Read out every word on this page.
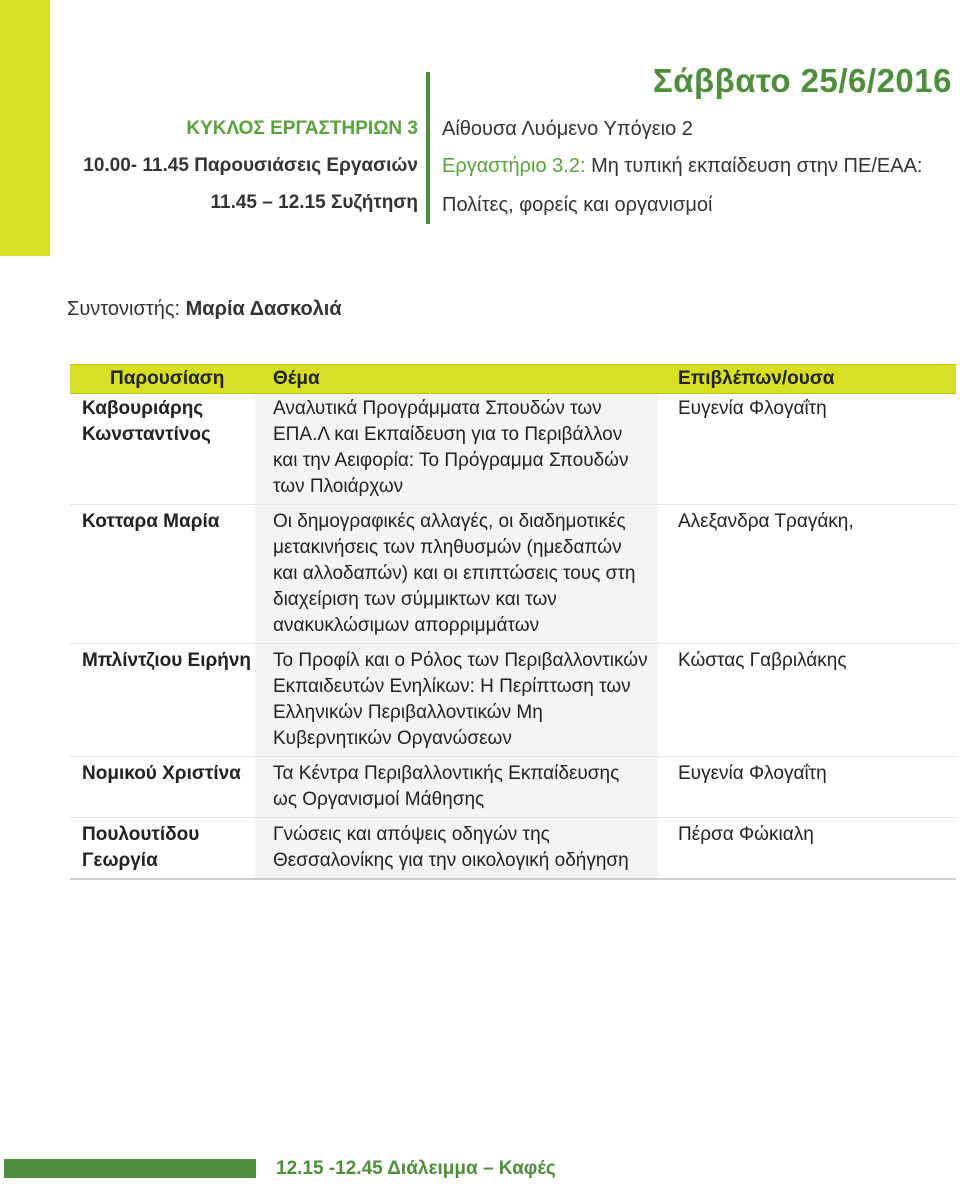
Σάββατο 25/6/2016
ΚΥΚΛΟΣ ΕΡΓΑΣΤΗΡΙΩΝ 3
10.00- 11.45 Παρουσιάσεις Εργασιών
11.45 – 12.15 Συζήτηση
Αίθουσα Λυόμενο Υπόγειο 2
Εργαστήριο 3.2: Μη τυπική εκπαίδευση στην ΠΕ/ΕΑΑ:
Πολίτες, φορείς και οργανισμοί
Συντονιστής: Μαρία Δασκολιά
Παρουσίαση	Θέμα	Επιβλέπων/ουσα
Καβουριάρης Κωνσταντίνος	Αναλυτικά Προγράμματα Σπουδών των ΕΠΑ.Λ και Εκπαίδευση για το Περιβάλλον και την Αειφορία: Το Πρόγραμμα Σπουδών των Πλοιάρχων	Ευγενία Φλογαΐτη
Κοτταρα Μαρία	Οι δημογραφικές αλλαγές, οι διαδημοτικές μετακινήσεις των πληθυσμών (ημεδαπών και αλλοδαπών) και οι επιπτώσεις τους στη διαχείριση των σύμμικτων και των ανακυκλώσιμων απορριμμάτων	Αλεξανδρα Τραγάκη,
Μπλίντζιου Ειρήνη	Το Προφίλ και ο Ρόλος των Περιβαλλοντικών Εκπαιδευτών Ενηλίκων: Η Περίπτωση των Ελληνικών Περιβαλλοντικών Μη Κυβερνητικών Οργανώσεων	Κώστας Γαβριλάκης
Νομικού Χριστίνα	Τα Κέντρα Περιβαλλοντικής Εκπαίδευσης ως Οργανισμοί Μάθησης	Ευγενία Φλογαΐτη
Πουλουτίδου Γεωργία	Γνώσεις και απόψεις οδηγών της Θεσσαλονίκης για την οικολογική οδήγηση	Πέρσα Φώκιαλη
12.15 -12.45 Διάλειμμα – Καφές
